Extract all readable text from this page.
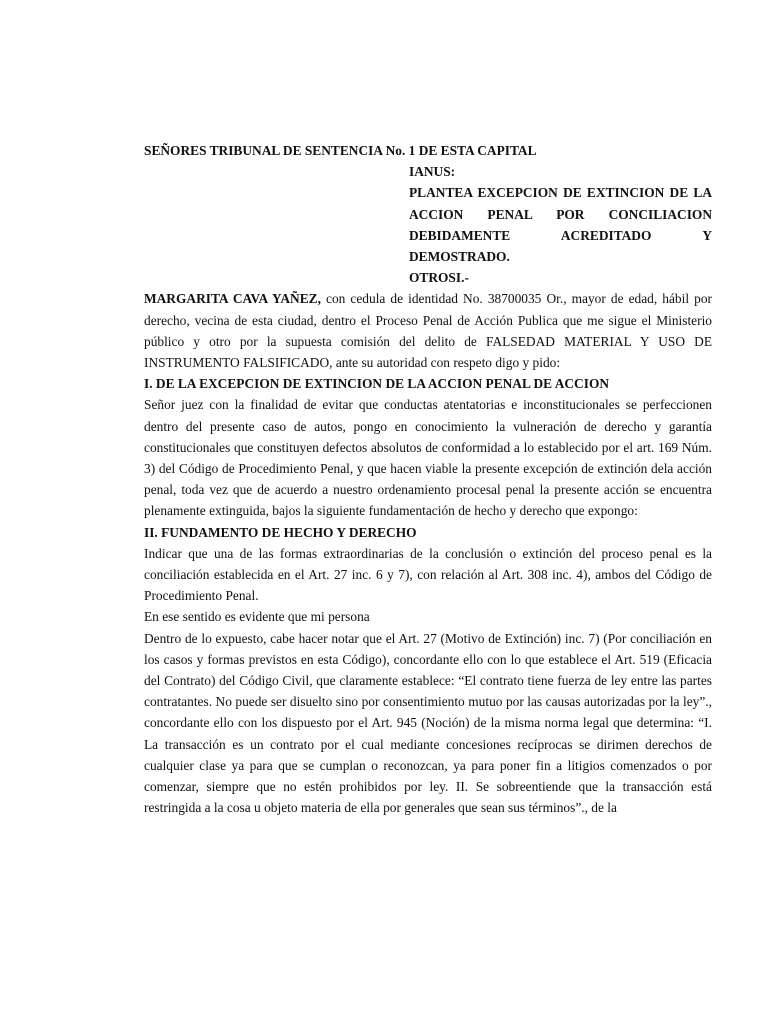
SEÑORES TRIBUNAL DE SENTENCIA No. 1 DE ESTA CAPITAL
IANUS:
PLANTEA EXCEPCION DE EXTINCION DE LA ACCION PENAL POR CONCILIACION DEBIDAMENTE ACREDITADO Y DEMOSTRADO.
OTROSI.-

MARGARITA CAVA YAÑEZ, con cedula de identidad No. 38700035 Or., mayor de edad, hábil por derecho, vecina de esta ciudad, dentro el Proceso Penal de Acción Publica que me sigue el Ministerio público y otro por la supuesta comisión del delito de FALSEDAD MATERIAL Y USO DE INSTRUMENTO FALSIFICADO, ante su autoridad con respeto digo y pido:

I. DE LA EXCEPCION DE EXTINCION DE LA ACCION PENAL DE ACCION

Señor juez con la finalidad de evitar que conductas atentatorias e inconstitucionales se perfeccionen dentro del presente caso de autos, pongo en conocimiento la vulneración de derecho y garantía constitucionales que constituyen defectos absolutos de conformidad a lo establecido por el art. 169 Núm. 3) del Código de Procedimiento Penal, y que hacen viable la presente excepción de extinción dela acción penal, toda vez que de acuerdo a nuestro ordenamiento procesal penal la presente acción se encuentra plenamente extinguida, bajos la siguiente fundamentación de hecho y derecho que expongo:

II. FUNDAMENTO DE HECHO Y DERECHO

Indicar que una de las formas extraordinarias de la conclusión o extinción del proceso penal es la conciliación establecida en el Art. 27 inc. 6 y 7), con relación al Art. 308 inc. 4), ambos del Código de Procedimiento Penal.

En ese sentido es evidente que mi persona

Dentro de lo expuesto, cabe hacer notar que el Art. 27 (Motivo de Extinción) inc. 7) (Por conciliación en los casos y formas previstos en esta Código), concordante ello con lo que establece el Art. 519 (Eficacia del Contrato) del Código Civil, que claramente establece: “El contrato tiene fuerza de ley entre las partes contratantes. No puede ser disuelto sino por consentimiento mutuo por las causas autorizadas por la ley”., concordante ello con los dispuesto por el Art. 945 (Noción) de la misma norma legal que determina: “I. La transacción es un contrato por el cual mediante concesiones recíprocas se dirimen derechos de cualquier clase ya para que se cumplan o reconozcan, ya para poner fin a litigios comenzados o por comenzar, siempre que no estén prohibidos por ley. II. Se sobreentiende que la transacción está restringida a la cosa u objeto materia de ella por generales que sean sus términos”., de la
